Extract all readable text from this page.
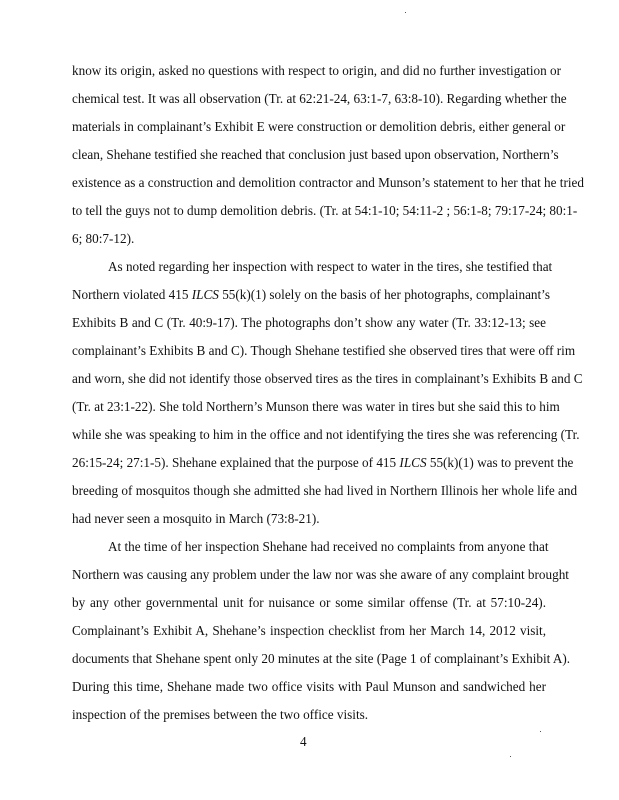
know its origin, asked no questions with respect to origin, and did no further investigation or
chemical test. It was all observation (Tr. at 62:21-24, 63:1-7, 63:8-10). Regarding whether the
materials in complainant’s Exhibit E were construction or demolition debris, either general or
clean, Shehane testified she reached that conclusion just based upon observation, Northern’s
existence as a construction and demolition contractor and Munson’s statement to her that he tried
to tell the guys not to dump demolition debris. (Tr. at 54:1-10; 54:11-2 ; 56:1-8; 79:17-24; 80:1-
6; 80:7-12).
As noted regarding her inspection with respect to water in the tires, she testified that
Northern violated 415 ILCS 55(k)(1) solely on the basis of her photographs, complainant’s
Exhibits B and C (Tr. 40:9-17). The photographs don’t show any water (Tr. 33:12-13; see
complainant’s Exhibits B and C). Though Shehane testified she observed tires that were off rim
and worn, she did not identify those observed tires as the tires in complainant’s Exhibits B and C
(Tr. at 23:1-22). She told Northern’s Munson there was water in tires but she said this to him
while she was speaking to him in the office and not identifying the tires she was referencing (Tr.
26:15-24; 27:1-5). Shehane explained that the purpose of 415 ILCS 55(k)(1) was to prevent the
breeding of mosquitos though she admitted she had lived in Northern Illinois her whole life and
had never seen a mosquito in March (73:8-21).
At the time of her inspection Shehane had received no complaints from anyone that
Northern was causing any problem under the law nor was she aware of any complaint brought
by any other governmental unit for nuisance or some similar offense (Tr. at 57:10-24).
Complainant’s Exhibit A, Shehane’s inspection checklist from her March 14, 2012 visit,
documents that Shehane spent only 20 minutes at the site (Page 1 of complainant’s Exhibit A).
During this time, Shehane made two office visits with Paul Munson and sandwiched her
inspection of the premises between the two office visits.
4
